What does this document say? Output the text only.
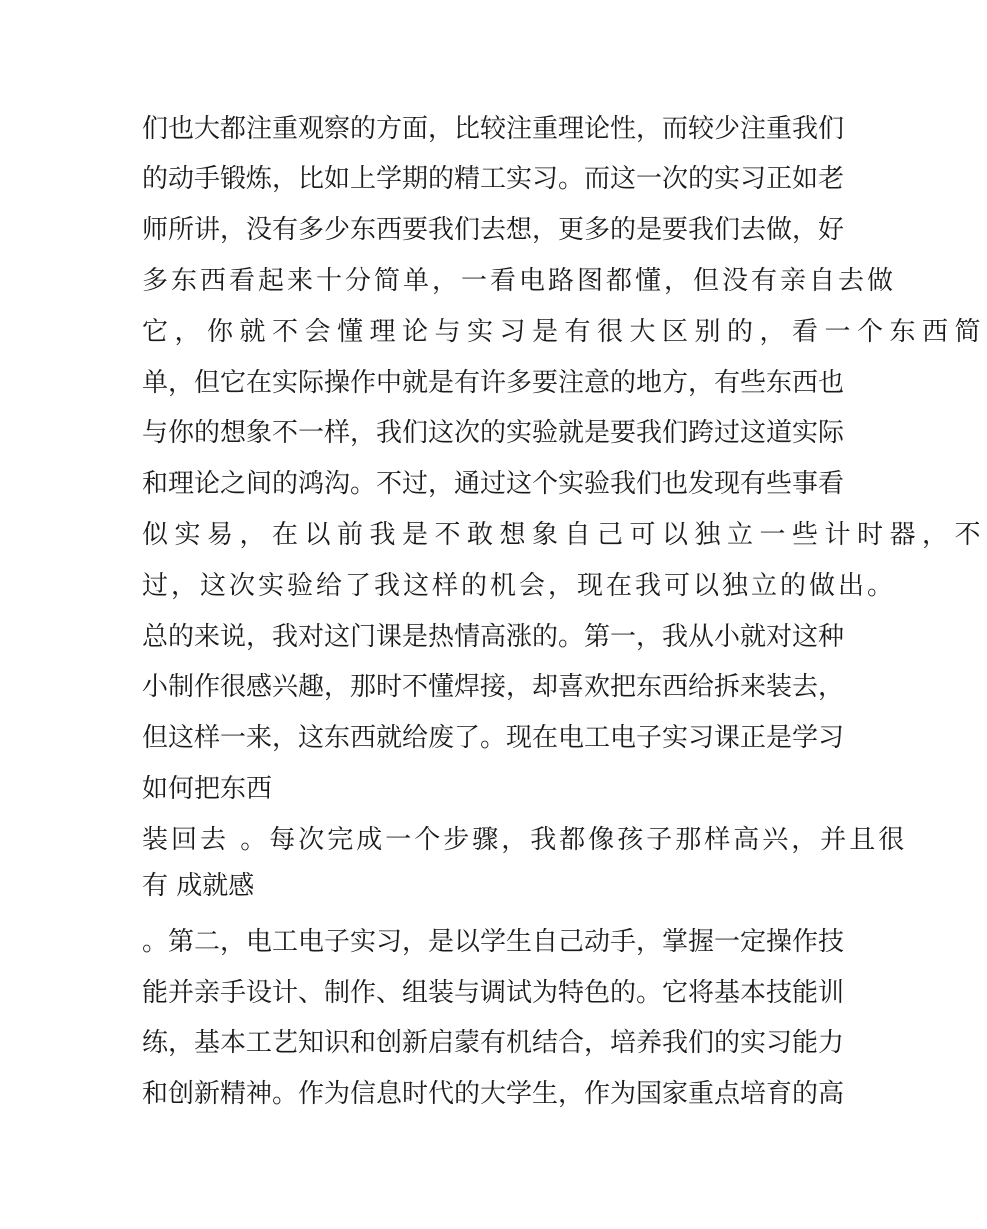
们也大都注重观察的方面，比较注重理论性，而较少注重我们
的动手锻炼，比如上学期的精工实习。而这一次的实习正如老
师所讲，没有多少东西要我们去想，更多的是要我们去做，好
多东西看起来十分简单，一看电路图都懂，但没有亲自去做
它，你就不会懂理论与实习是有很大区别的，看一个东西简
单，但它在实际操作中就是有许多要注意的地方，有些东西也
与你的想象不一样，我们这次的实验就是要我们跨过这道实际
和理论之间的鸿沟。不过，通过这个实验我们也发现有些事看
似实易，在以前我是不敢想象自己可以独立一些计时器，不
过，这次实验给了我这样的机会，现在我可以独立的做出。
总的来说，我对这门课是热情高涨的。第一，我从小就对这种
小制作很感兴趣，那时不懂焊接，却喜欢把东西给拆来装去，
但这样一来，这东西就给废了。现在电工电子实习课正是学习
如何把东西
装回去 。每次完成一个步骤，我都像孩子那样高兴，并且很
有 成就感
。第二，电工电子实习，是以学生自己动手，掌握一定操作技
能并亲手设计、制作、组装与调试为特色的。它将基本技能训
练，基本工艺知识和创新启蒙有机结合，培养我们的实习能力
和创新精神。作为信息时代的大学生，作为国家重点培育的高
